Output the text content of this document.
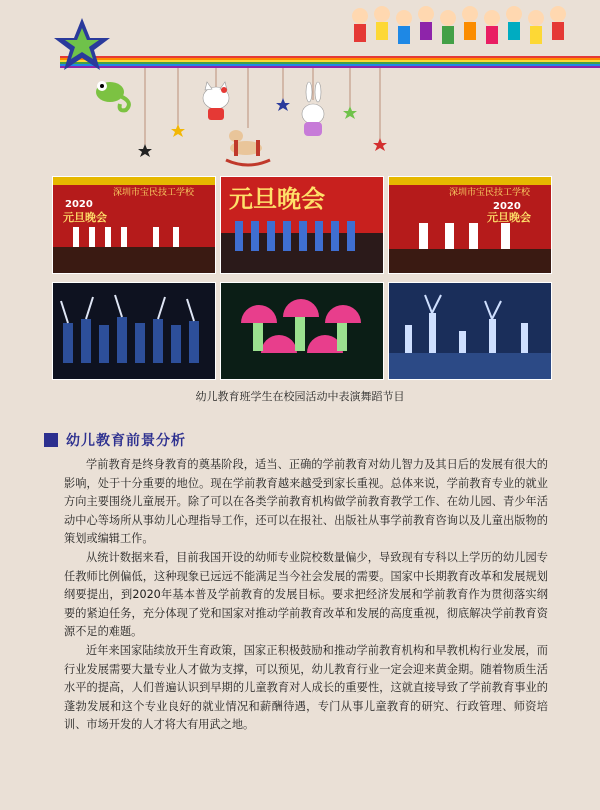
深圳市宝民技工学校
2020
元旦晚会
元旦晚会	深圳市宝民技工学校
2020
元旦晚会
幼儿教育班学生在校园活动中表演舞蹈节目
幼儿教育前景分析

学前教育是终身教育的奠基阶段，适当、正确的学前教育对幼儿智力及其日后的发展有很大的影响，处于十分重要的地位。现在学前教育越来越受到家长重视。总体来说，学前教育专业的就业方向主要围绕儿童展开。除了可以在各类学前教育机构做学前教育教学工作、在幼儿园、青少年活动中心等场所从事幼儿心理指导工作，还可以在报社、出版社从事学前教育咨询以及儿童出版物的策划或编辑工作。

从统计数据来看，目前我国开设的幼师专业院校数量偏少，导致现有专科以上学历的幼儿园专任教师比例偏低，这种现象已远远不能满足当今社会发展的需要。国家中长期教育改革和发展规划纲要提出，到2020年基本普及学前教育的发展目标。要求把经济发展和学前教育作为贯彻落实纲要的紧迫任务，充分体现了党和国家对推动学前教育改革和发展的高度重视，彻底解决学前教育资源不足的难题。

近年来国家陆续放开生育政策，国家正积极鼓励和推动学前教育机构和早教机构行业发展，而行业发展需要大量专业人才做为支撑，可以预见，幼儿教育行业一定会迎来黄金期。随着物质生活水平的提高，人们普遍认识到早期的儿童教育对人成长的重要性，这就直接导致了学前教育事业的蓬勃发展和这个专业良好的就业情况和薪酬待遇，专门从事儿童教育的研究、行政管理、师资培训、市场开发的人才将大有用武之地。
